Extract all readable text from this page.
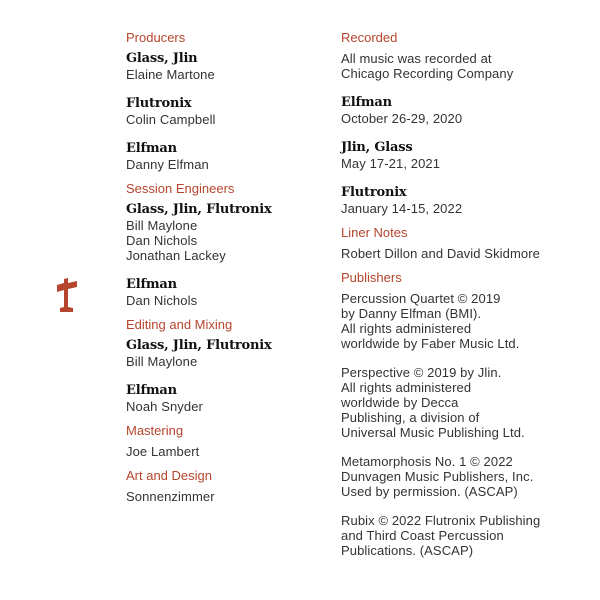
Producers

Glass, Jlin

Elaine Martone

Flutronix

Colin Campbell

Elfman

Danny Elfman

Session Engineers

Glass, Jlin, Flutronix

Bill Maylone

Dan Nichols

Jonathan Lackey

Elfman

Dan Nichols

Editing and Mixing

Glass, Jlin, Flutronix

Bill Maylone

Elfman

Noah Snyder

Mastering

Joe Lambert

Art and Design

Sonnenzimmer

Recorded

All music was recorded at

Chicago Recording Company

Elfman

October 26-29, 2020

Jlin, Glass

May 17-21, 2021

Flutronix

January 14-15, 2022

Liner Notes

Robert Dillon and David Skidmore

Publishers

Percussion Quartet © 2019

by Danny Elfman (BMI).

All rights administered

worldwide by Faber Music Ltd.

Perspective © 2019 by Jlin.

All rights administered

worldwide by Decca

Publishing, a division of

Universal Music Publishing Ltd.

Metamorphosis No. 1 © 2022

Dunvagen Music Publishers, Inc.

Used by permission. (ASCAP)

Rubix © 2022 Flutronix Publishing

and Third Coast Percussion

Publications. (ASCAP)
